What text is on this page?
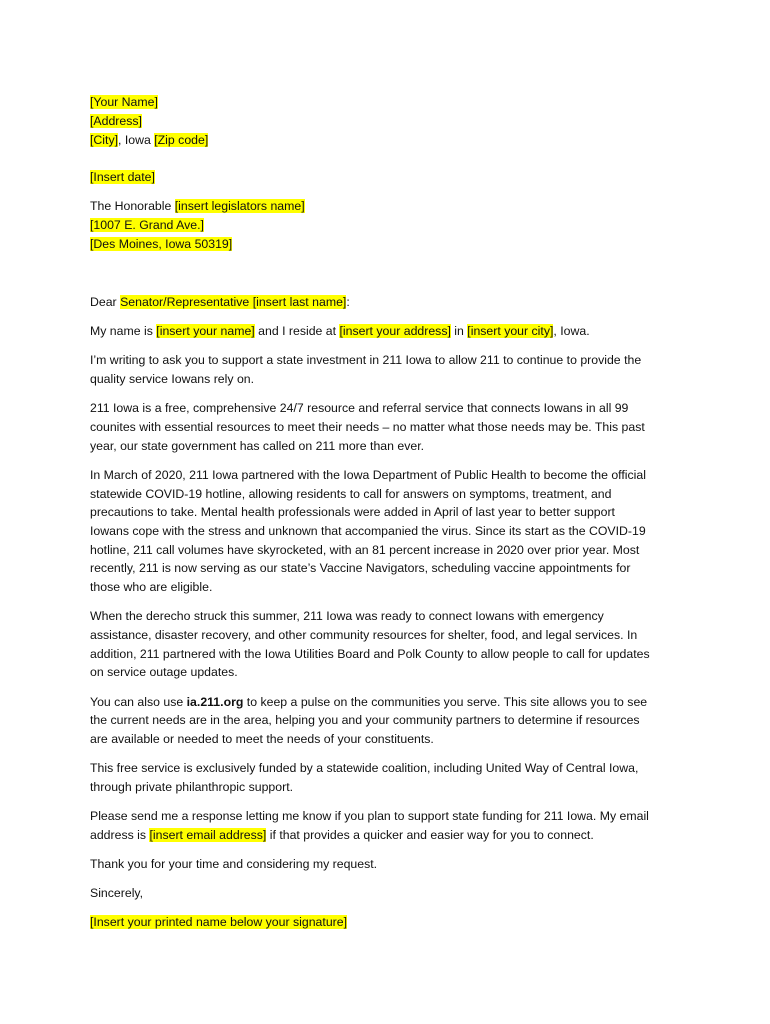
[Your Name]
[Address]
[City], Iowa [Zip code]
[Insert date]
The Honorable [insert legislators name]
[1007 E. Grand Ave.]
[Des Moines, Iowa 50319]
Dear Senator/Representative [insert last name]:
My name is [insert your name] and I reside at [insert your address] in [insert your city], Iowa.
I’m writing to ask you to support a state investment in 211 Iowa to allow 211 to continue to provide the
quality service Iowans rely on.
211 Iowa is a free, comprehensive 24/7 resource and referral service that connects Iowans in all 99
counites with essential resources to meet their needs – no matter what those needs may be. This past
year, our state government has called on 211 more than ever.
In March of 2020, 211 Iowa partnered with the Iowa Department of Public Health to become the official
statewide COVID-19 hotline, allowing residents to call for answers on symptoms, treatment, and
precautions to take. Mental health professionals were added in April of last year to better support
Iowans cope with the stress and unknown that accompanied the virus. Since its start as the COVID-19
hotline, 211 call volumes have skyrocketed, with an 81 percent increase in 2020 over prior year. Most
recently, 211 is now serving as our state’s Vaccine Navigators, scheduling vaccine appointments for
those who are eligible.
When the derecho struck this summer, 211 Iowa was ready to connect Iowans with emergency
assistance, disaster recovery, and other community resources for shelter, food, and legal services. In
addition, 211 partnered with the Iowa Utilities Board and Polk County to allow people to call for updates
on service outage updates.
You can also use ia.211.org to keep a pulse on the communities you serve. This site allows you to see
the current needs are in the area, helping you and your community partners to determine if resources
are available or needed to meet the needs of your constituents.
This free service is exclusively funded by a statewide coalition, including United Way of Central Iowa,
through private philanthropic support.
Please send me a response letting me know if you plan to support state funding for 211 Iowa. My email
address is [insert email address] if that provides a quicker and easier way for you to connect.
Thank you for your time and considering my request.
Sincerely,
[Insert your printed name below your signature]
